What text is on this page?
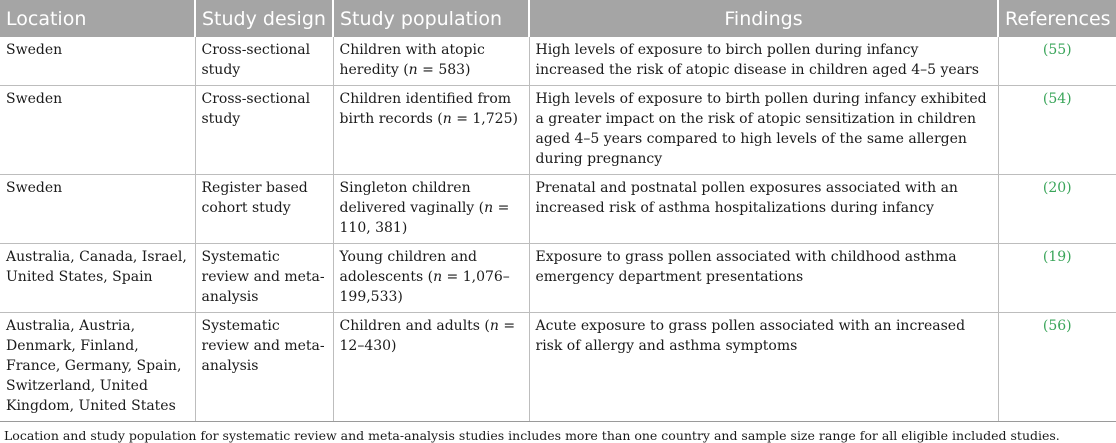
Location	Study design	Study population	Findings	References
Sweden	Cross-sectional study	Children with atopic heredity (n = 583)	High levels of exposure to birch pollen during infancy increased the risk of atopic disease in children aged 4–5 years	(55)
Sweden	Cross-sectional study	Children identified from birth records (n = 1,725)	High levels of exposure to birth pollen during infancy exhibited a greater impact on the risk of atopic sensitization in children aged 4–5 years compared to high levels of the same allergen during pregnancy	(54)
Sweden	Register based cohort study	Singleton children delivered vaginally (n = 110, 381)	Prenatal and postnatal pollen exposures associated with an increased risk of asthma hospitalizations during infancy	(20)
Australia, Canada, Israel, United States, Spain	Systematic review and meta-analysis	Young children and adolescents (n = 1,076–199,533)	Exposure to grass pollen associated with childhood asthma emergency department presentations	(19)
Australia, Austria, Denmark, Finland, France, Germany, Spain, Switzerland, United Kingdom, United States	Systematic review and meta-analysis	Children and adults (n = 12–430)	Acute exposure to grass pollen associated with an increased risk of allergy and asthma symptoms	(56)
Location and study population for systematic review and meta-analysis studies includes more than one country and sample size range for all eligible included studies.
